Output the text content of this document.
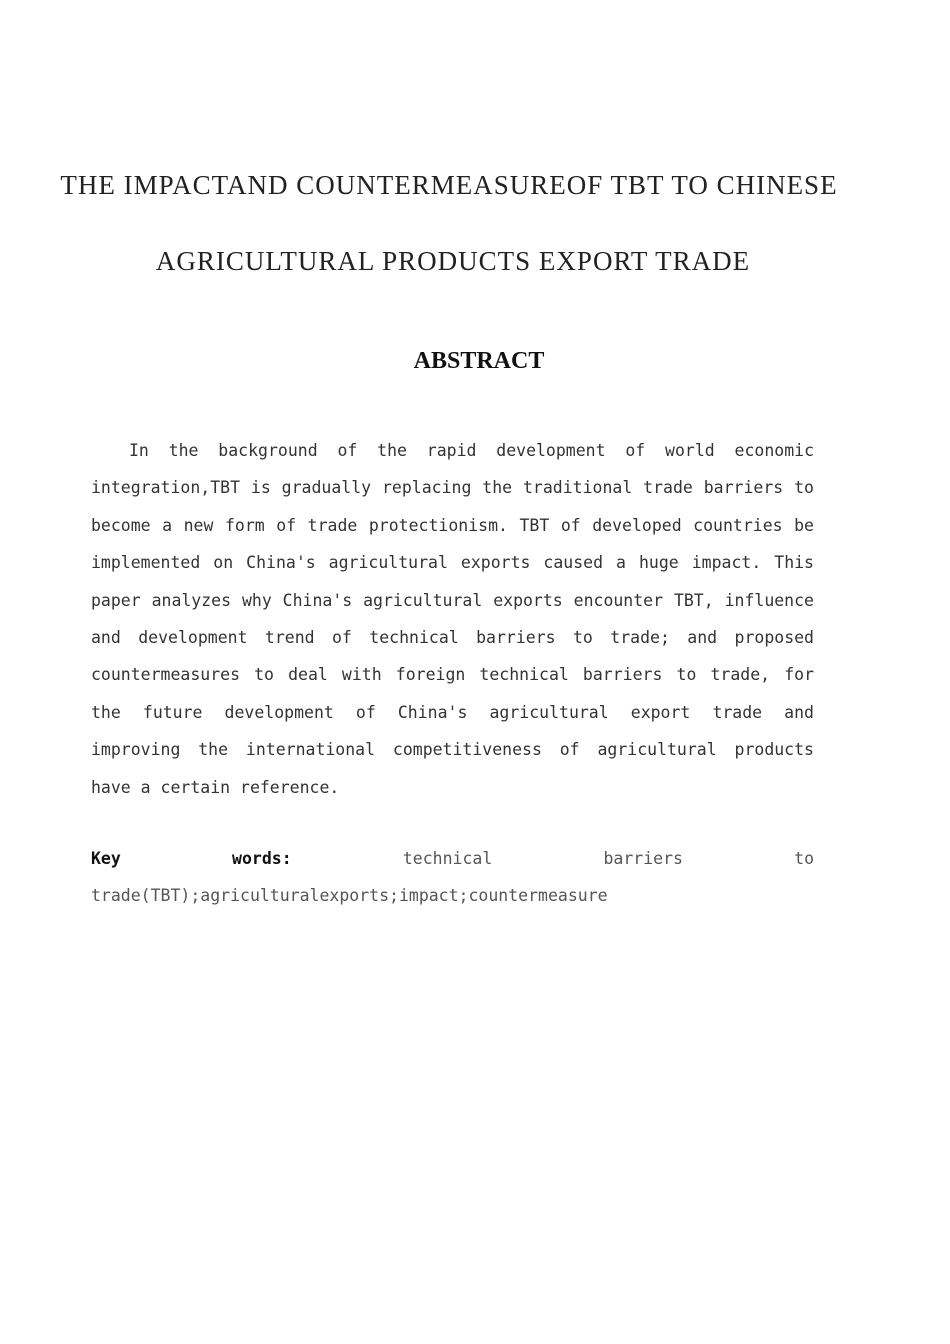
THE IMPACTAND COUNTERMEASUREOF TBT TO CHINESE
AGRICULTURAL PRODUCTS EXPORT TRADE
ABSTRACT

In the background of the rapid development of world economic integration,TBT is gradually replacing the traditional trade barriers to become a new form of trade protectionism. TBT of developed countries be implemented on China's agricultural exports caused a huge impact. This paper analyzes why China's agricultural exports encounter TBT, influence and development trend of technical barriers to trade; and proposed countermeasures to deal with foreign technical barriers to trade, for the future development of China's agricultural export trade and improving the international competitiveness of agricultural products have a certain reference.

Key	words:	technical barriers to trade(TBT);agriculturalexports;impact;countermeasure
